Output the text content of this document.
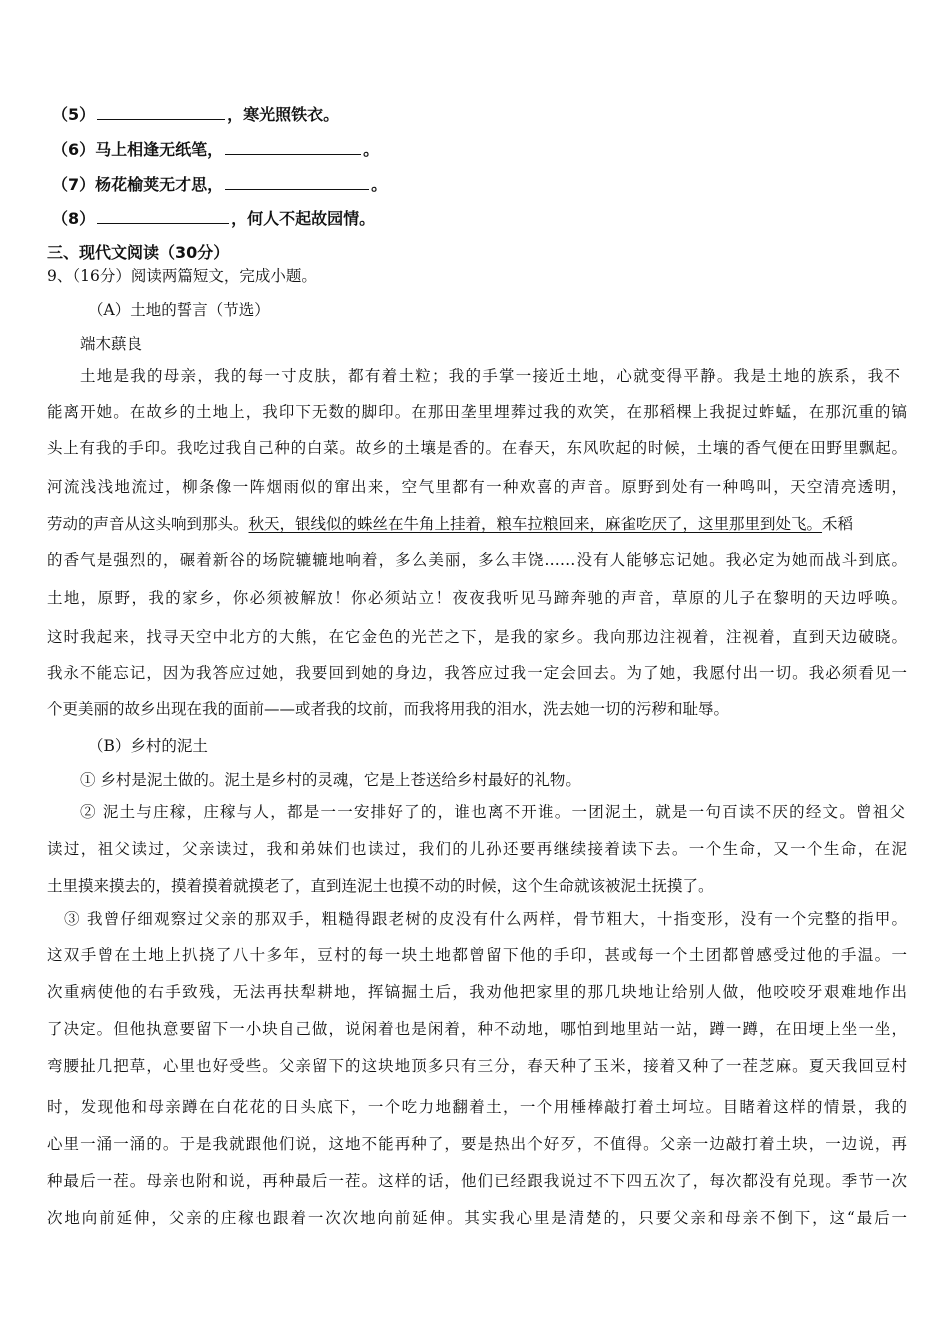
（5）	，寒光照铁衣。
（6） 马上相逢无纸笔，	。
（7） 杨花榆荚无才思，	。
（8）	，何人不起故园情。
三、现代文阅读（30分）
9、（16分）阅读两篇短文，完成小题。
（A）土地的誓言（节选）
端木蕻良
土地是我的母亲，我的每一寸皮肤，都有着土粒；我的手掌一接近土地，心就变得平静。我是土地的族系，我不
能离开她。在故乡的土地上，我印下无数的脚印。在那田垄里埋葬过我的欢笑，在那稻棵上我捉过蚱蜢，在那沉重的镐
头上有我的手印。我吃过我自己种的白菜。故乡的土壤是香的。在春天，东风吹起的时候，土壤的香气便在田野里飘起。
河流浅浅地流过，柳条像一阵烟雨似的窜出来，空气里都有一种欢喜的声音。原野到处有一种鸣叫，天空清亮透明，
劳动的声音从这头响到那头。 秋天，银线似的蛛丝在牛角上挂着，粮车拉粮回来，麻雀吃厌了，这里那里到处飞。 禾稻
的香气是强烈的，碾着新谷的场院辘辘地响着，多么美丽，多么丰饶……没有人能够忘记她。我必定为她而战斗到底。
土地，原野，我的家乡，你必须被解放！你必须站立！夜夜我听见马蹄奔驰的声音，草原的儿子在黎明的天边呼唤。
这时我起来，找寻天空中北方的大熊，在它金色的光芒之下，是我的家乡。我向那边注视着，注视着，直到天边破晓。
我永不能忘记，因为我答应过她，我要回到她的身边，我答应过我一定会回去。为了她，我愿付出一切。我必须看见一
个更美丽的故乡出现在我的面前——或者我的坟前，而我将用我的泪水，洗去她一切的污秽和耻辱。
（B）乡村的泥土
① 乡村是泥土做的。泥土是乡村的灵魂，它是上苍送给乡村最好的礼物。
② 泥土与庄稼，庄稼与人，都是一一安排好了的，谁也离不开谁。一团泥土，就是一句百读不厌的经文。曾祖父
读过，祖父读过，父亲读过，我和弟妹们也读过，我们的儿孙还要再继续接着读下去。一个生命，又一个生命，在泥
土里摸来摸去的，摸着摸着就摸老了，直到连泥土也摸不动的时候，这个生命就该被泥土抚摸了。
③ 我曾仔细观察过父亲的那双手，粗糙得跟老树的皮没有什么两样，骨节粗大，十指变形，没有一个完整的指甲。
这双手曾在土地上扒挠了八十多年，豆村的每一块土地都曾留下他的手印，甚或每一个土团都曾感受过他的手温。一
次重病使他的右手致残，无法再扶犁耕地，挥镐掘土后，我劝他把家里的那几块地让给别人做，他咬咬牙艰难地作出
了决定。但他执意要留下一小块自己做，说闲着也是闲着，种不动地，哪怕到地里站一站，蹲一蹲，在田埂上坐一坐，
弯腰扯几把草，心里也好受些。父亲留下的这块地顶多只有三分，春天种了玉米，接着又种了一茬芝麻。夏天我回豆村
时，发现他和母亲蹲在白花花的日头底下，一个吃力地翻着土，一个用棰棒敲打着土坷垃。目睹着这样的情景，我的
心里一涌一涌的。于是我就跟他们说，这地不能再种了，要是热出个好歹，不值得。父亲一边敲打着土块，一边说，再
种最后一茬。母亲也附和说，再种最后一茬。这样的话，他们已经跟我说过不下四五次了，每次都没有兑现。季节一次
次地向前延伸，父亲的庄稼也跟着一次次地向前延伸。其实我心里是清楚的，只要父亲和母亲不倒下，这“最后一
